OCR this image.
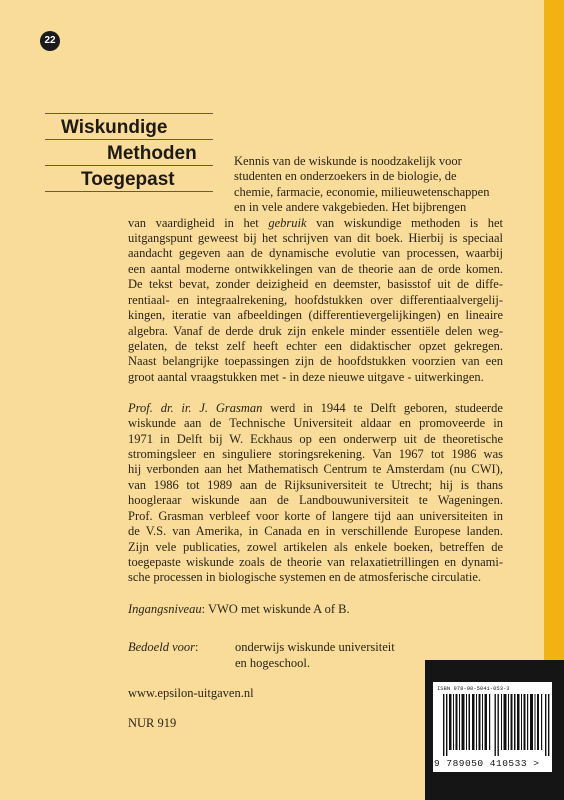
22
Wiskundige
Methoden
Toegepast
Kennis van de wiskunde is noodzakelijk voor
studenten en onderzoekers in de biologie, de
chemie, farmacie, economie, milieuwetenschappen
en in vele andere vakgebieden. Het bijbrengen
van vaardigheid in het gebruik van wiskundige methoden is het
uitgangspunt geweest bij het schrijven van dit boek. Hierbij is speciaal
aandacht gegeven aan de dynamische evolutie van processen, waarbij
een aantal moderne ontwikkelingen van de theorie aan de orde komen.
De tekst bevat, zonder deizigheid en deemster, basisstof uit de diffe-
rentiaal- en integraalrekening, hoofdstukken over differentiaalvergelij-
kingen, iteratie van afbeeldingen (differentievergelijkingen) en lineaire
algebra. Vanaf de derde druk zijn enkele minder essentiële delen weg-
gelaten, de tekst zelf heeft echter een didaktischer opzet gekregen.
Naast belangrijke toepassingen zijn de hoofdstukken voorzien van een
groot aantal vraagstukken met - in deze nieuwe uitgave - uitwerkingen.
Prof. dr. ir. J. Grasman werd in 1944 te Delft geboren, studeerde
wiskunde aan de Technische Universiteit aldaar en promoveerde in
1971 in Delft bij W. Eckhaus op een onderwerp uit de theoretische
stromingsleer en singuliere storingsrekening. Van 1967 tot 1986 was
hij verbonden aan het Mathematisch Centrum te Amsterdam (nu CWI),
van 1986 tot 1989 aan de Rijksuniversiteit te Utrecht; hij is thans
hoogleraar wiskunde aan de Landbouwuniversiteit te Wageningen.
Prof. Grasman verbleef voor korte of langere tijd aan universiteiten in
de V.S. van Amerika, in Canada en in verschillende Europese landen.
Zijn vele publicaties, zowel artikelen als enkele boeken, betreffen de
toegepaste wiskunde zoals de theorie van relaxatietrillingen en dynami-
sche processen in biologische systemen en de atmosferische circulatie.
Ingangsniveau: VWO met wiskunde A of B.
Bedoeld voor:	onderwijs wiskunde universiteit
en hogeschool.
www.epsilon-uitgaven.nl
NUR 919
ISBN 978-90-5041-053-3
9 789050 410533 >
